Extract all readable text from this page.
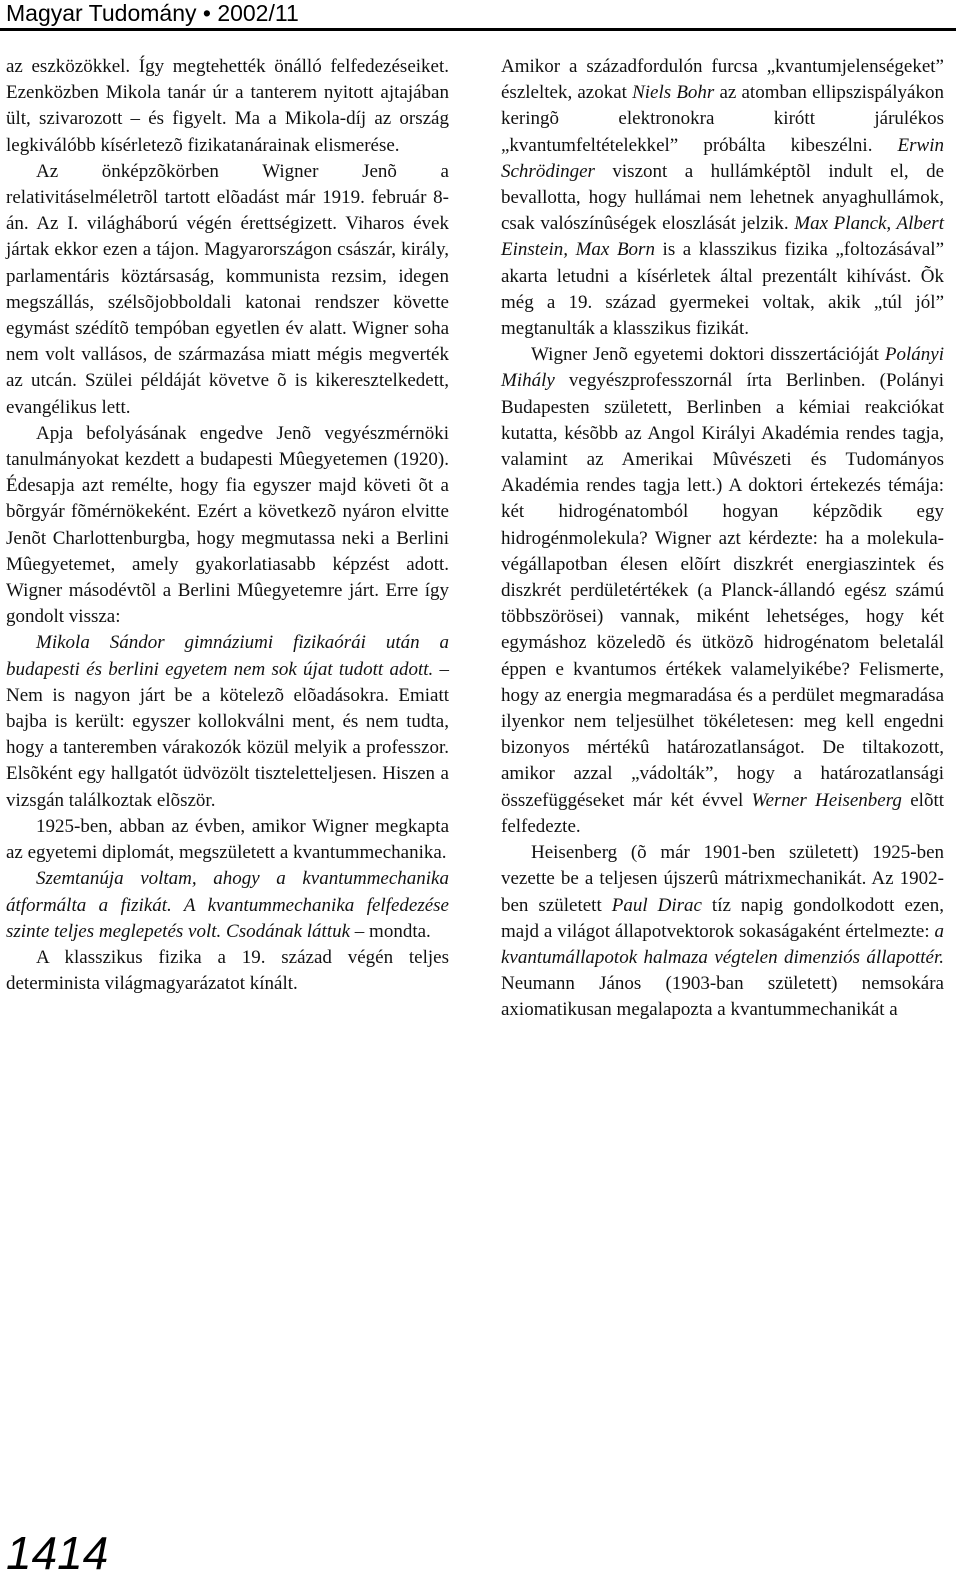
Magyar Tudomány • 2002/11

az eszközökkel. Így megtehették önálló felfedezéseiket. Ezenközben Mikola tanár úr a tanterem nyitott ajtajában ült, szivarozott – és figyelt. Ma a Mikola-díj az ország legkiválóbb kísérletezõ fizikatanárainak elismerése.

Az önképzõkörben Wigner Jenõ a relativitáselméletrõl tartott elõadást már 1919. február 8-án. Az I. világháború végén érettségizett. Viharos évek jártak ekkor ezen a tájon. Magyarországon császár, király, parlamentáris köztársaság, kommunista rezsim, idegen megszállás, szélsõjobboldali katonai rendszer követte egymást szédítõ tempóban egyetlen év alatt. Wigner soha nem volt vallásos, de származása miatt mégis megverték az utcán. Szülei példáját követve õ is kikeresztelkedett, evangélikus lett.

Apja befolyásának engedve Jenõ vegyészmérnöki tanulmányokat kezdett a budapesti Mûegyetemen (1920). Édesapja azt remélte, hogy fia egyszer majd követi õt a bõrgyár fõmérnökeként. Ezért a következõ nyáron elvitte Jenõt Charlottenburgba, hogy megmutassa neki a Berlini Mûegyetemet, amely gyakorlatiasabb képzést adott. Wigner másodévtõl a Berlini Mûegyetemre járt. Erre így gondolt vissza:

Mikola Sándor gimnáziumi fizikaórái után a budapesti és berlini egyetem nem sok újat tudott adott. – Nem is nagyon járt be a kötelezõ elõadásokra. Emiatt bajba is került: egyszer kollokválni ment, és nem tudta, hogy a tanteremben várakozók közül melyik a professzor. Elsõként egy hallgatót üdvözölt tiszteletteljesen. Hiszen a vizsgán találkoztak elõször.

1925-ben, abban az évben, amikor Wigner megkapta az egyetemi diplomát, megszületett a kvantummechanika.

Szemtanúja voltam, ahogy a kvantummechanika átformálta a fizikát. A kvantummechanika felfedezése szinte teljes meglepetés volt. Csodának láttuk – mondta.

A klasszikus fizika a 19. század végén teljes determinista világmagyarázatot kínált.

Amikor a századfordulón furcsa „kvantumjelenségeket” észleltek, azokat Niels Bohr az atomban ellipszispályákon keringõ elektronokra kirótt járulékos „kvantumfeltételekkel” próbálta kibeszélni. Erwin Schrödinger viszont a hullámképtõl indult el, de bevallotta, hogy hullámai nem lehetnek anyaghullámok, csak valószínûségek eloszlását jelzik. Max Planck, Albert Einstein, Max Born is a klasszikus fizika „foltozásával” akarta letudni a kísérletek által prezentált kihívást. Õk még a 19. század gyermekei voltak, akik „túl jól” megtanulták a klasszikus fizikát.

Wigner Jenõ egyetemi doktori disszertációját Polányi Mihály vegyészprofesszornál írta Berlinben. (Polányi Budapesten született, Berlinben a kémiai reakciókat kutatta, késõbb az Angol Királyi Akadémia rendes tagja, valamint az Amerikai Mûvészeti és Tudományos Akadémia rendes tagja lett.) A doktori értekezés témája: két hidrogénatomból hogyan képzõdik egy hidrogénmolekula? Wigner azt kérdezte: ha a molekula-végállapotban élesen elõírt diszkrét energiaszintek és diszkrét perdületértékek (a Planck-állandó egész számú többszörösei) vannak, miként lehetséges, hogy két egymáshoz közeledõ és ütközõ hidrogénatom beletalál éppen e kvantumos értékek valamelyikébe? Felismerte, hogy az energia megmaradása és a perdület megmaradása ilyenkor nem teljesülhet tökéletesen: meg kell engedni bizonyos mértékû határozatlanságot. De tiltakozott, amikor azzal „vádolták”, hogy a határozatlansági összefüggéseket már két évvel Werner Heisenberg elõtt felfedezte.

Heisenberg (õ már 1901-ben született) 1925-ben vezette be a teljesen újszerû mátrixmechanikát. Az 1902-ben született Paul Dirac tíz napig gondolkodott ezen, majd a világot állapotvektorok sokaságaként értelmezte: a kvantumállapotok halmaza végtelen dimenziós állapottér. Neumann János (1903-ban született) nemsokára axiomatikusan megalapozta a kvantummechanikát a

1414
